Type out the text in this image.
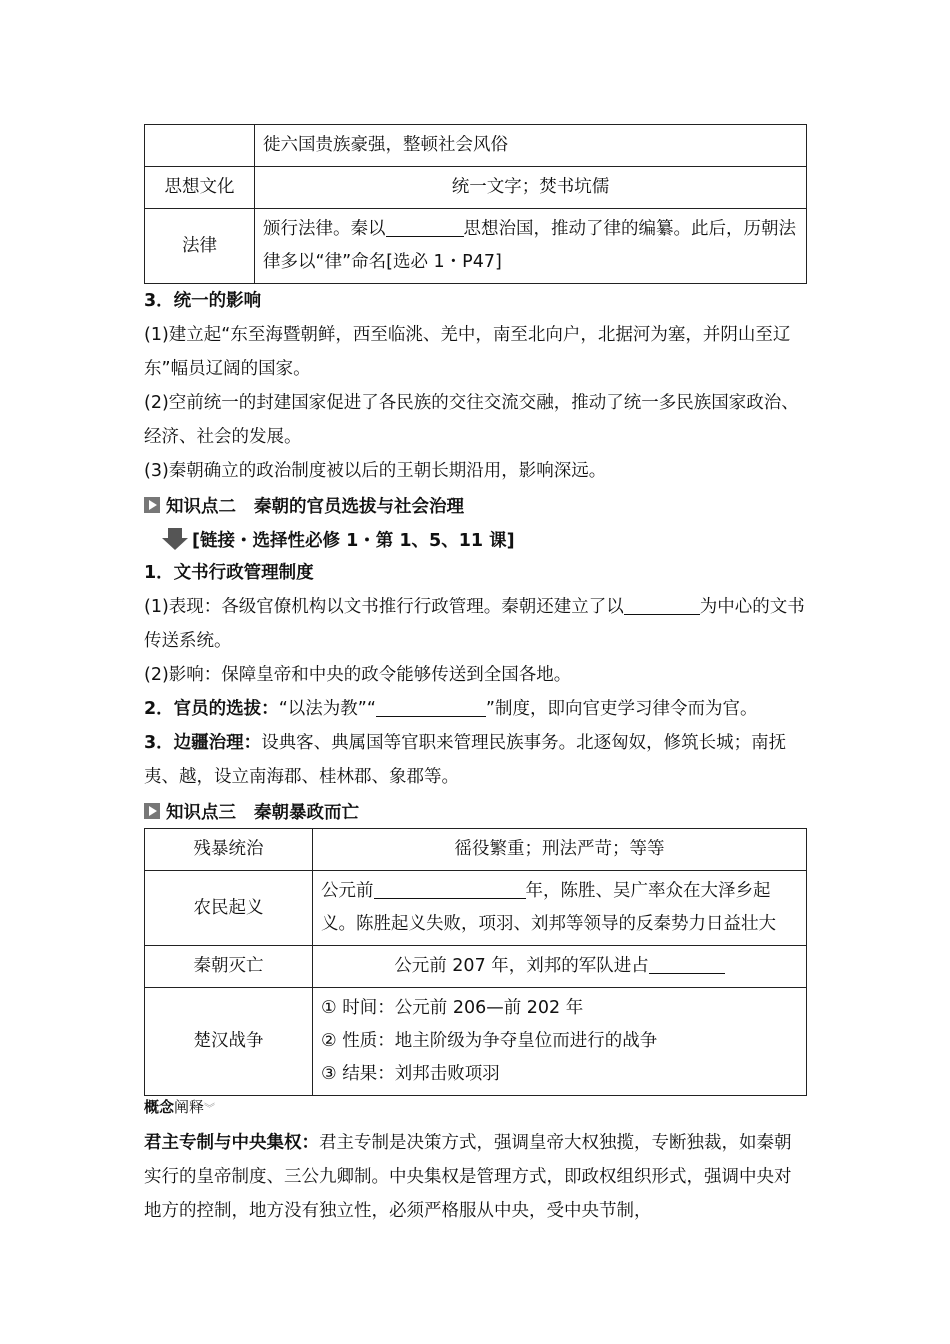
	徙六国贵族豪强，整顿社会风俗
思想文化	统一文字；焚书坑儒
法律	颁行法律。秦以 思想治国，推动了律的编纂。此后，历朝法律多以“律”命名[选必 1・P47]

3．统一的影响

(1)建立起“东至海暨朝鲜，西至临洮、羌中，南至北向户，北据河为塞，并阴山至辽东”幅员辽阔的国家。

(2)空前统一的封建国家促进了各民族的交往交流交融，推动了统一多民族国家政治、经济、社会的发展。

(3)秦朝确立的政治制度被以后的王朝长期沿用，影响深远。

知识点二 秦朝的官员选拔与社会治理
[链接・选择性必修 1・第 1、5、11 课]

1．文书行政管理制度

(1)表现：各级官僚机构以文书推行行政管理。秦朝还建立了以	为中心的文书传送系统。

(2)影响：保障皇帝和中央的政令能够传送到全国各地。

2．官员的选拔：“以法为教”“	”制度，即向官吏学习律令而为官。

3．边疆治理：设典客、典属国等官职来管理民族事务。北逐匈奴，修筑长城；南抚夷、越，设立南海郡、桂林郡、象郡等。

知识点三 秦朝暴政而亡
残暴统治	徭役繁重；刑法严苛；等等
农民起义	公元前 年，陈胜、吴广率众在大泽乡起义。陈胜起义失败，项羽、刘邦等领导的反秦势力日益壮大
秦朝灭亡	公元前 207 年，刘邦的军队进占
楚汉战争	① 时间：公元前 206—前 202 年
② 性质：地主阶级为争夺皇位而进行的战争
③ 结果：刘邦击败项羽
概念阐释︾

君主专制与中央集权：君主专制是决策方式，强调皇帝大权独揽，专断独裁，如秦朝实行的皇帝制度、三公九卿制。中央集权是管理方式，即政权组织形式，强调中央对地方的控制，地方没有独立性，必须严格服从中央，受中央节制，
